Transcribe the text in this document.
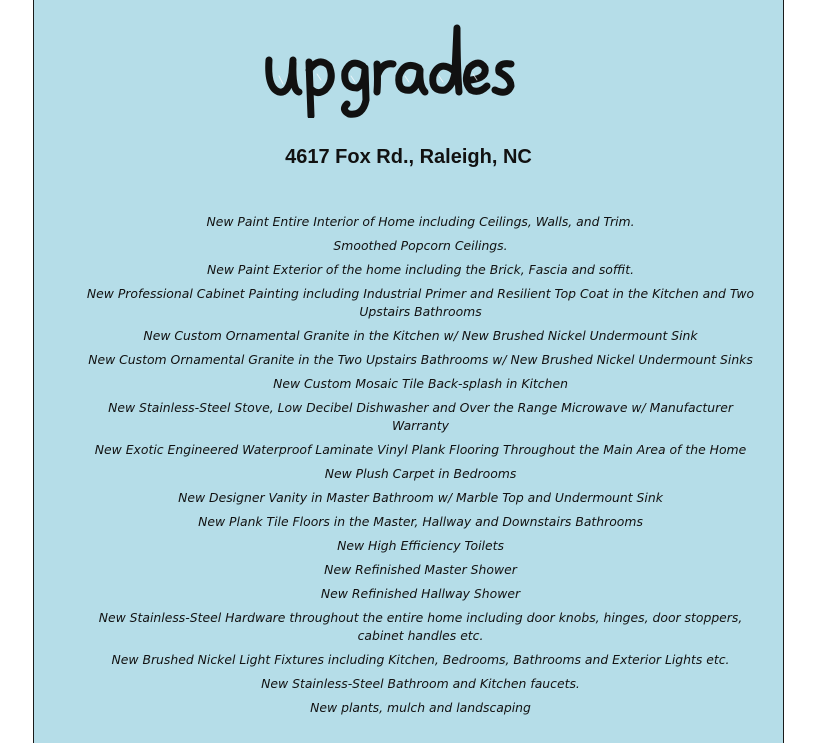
4617 Fox Rd., Raleigh, NC
New Paint Entire Interior of Home including Ceilings, Walls, and Trim.
Smoothed Popcorn Ceilings.
New Paint Exterior of the home including the Brick, Fascia and soffit.
New Professional Cabinet Painting including Industrial Primer and Resilient Top Coat in the Kitchen and Two Upstairs Bathrooms
New Custom Ornamental Granite in the Kitchen w/ New Brushed Nickel Undermount Sink
New Custom Ornamental Granite in the Two Upstairs Bathrooms w/ New Brushed Nickel Undermount Sinks
New Custom Mosaic Tile Back-splash in Kitchen
New Stainless-Steel Stove, Low Decibel Dishwasher and Over the Range Microwave w/ Manufacturer Warranty
New Exotic Engineered Waterproof Laminate Vinyl Plank Flooring Throughout the Main Area of the Home
New Plush Carpet in Bedrooms
New Designer Vanity in Master Bathroom w/ Marble Top and Undermount Sink
New Plank Tile Floors in the Master, Hallway and Downstairs Bathrooms
New High Efficiency Toilets
New Refinished Master Shower
New Refinished Hallway Shower
New Stainless-Steel Hardware throughout the entire home including door knobs, hinges, door stoppers, cabinet handles etc.
New Brushed Nickel Light Fixtures including Kitchen, Bedrooms, Bathrooms and Exterior Lights etc.
New Stainless-Steel Bathroom and Kitchen faucets.
New plants, mulch and landscaping
